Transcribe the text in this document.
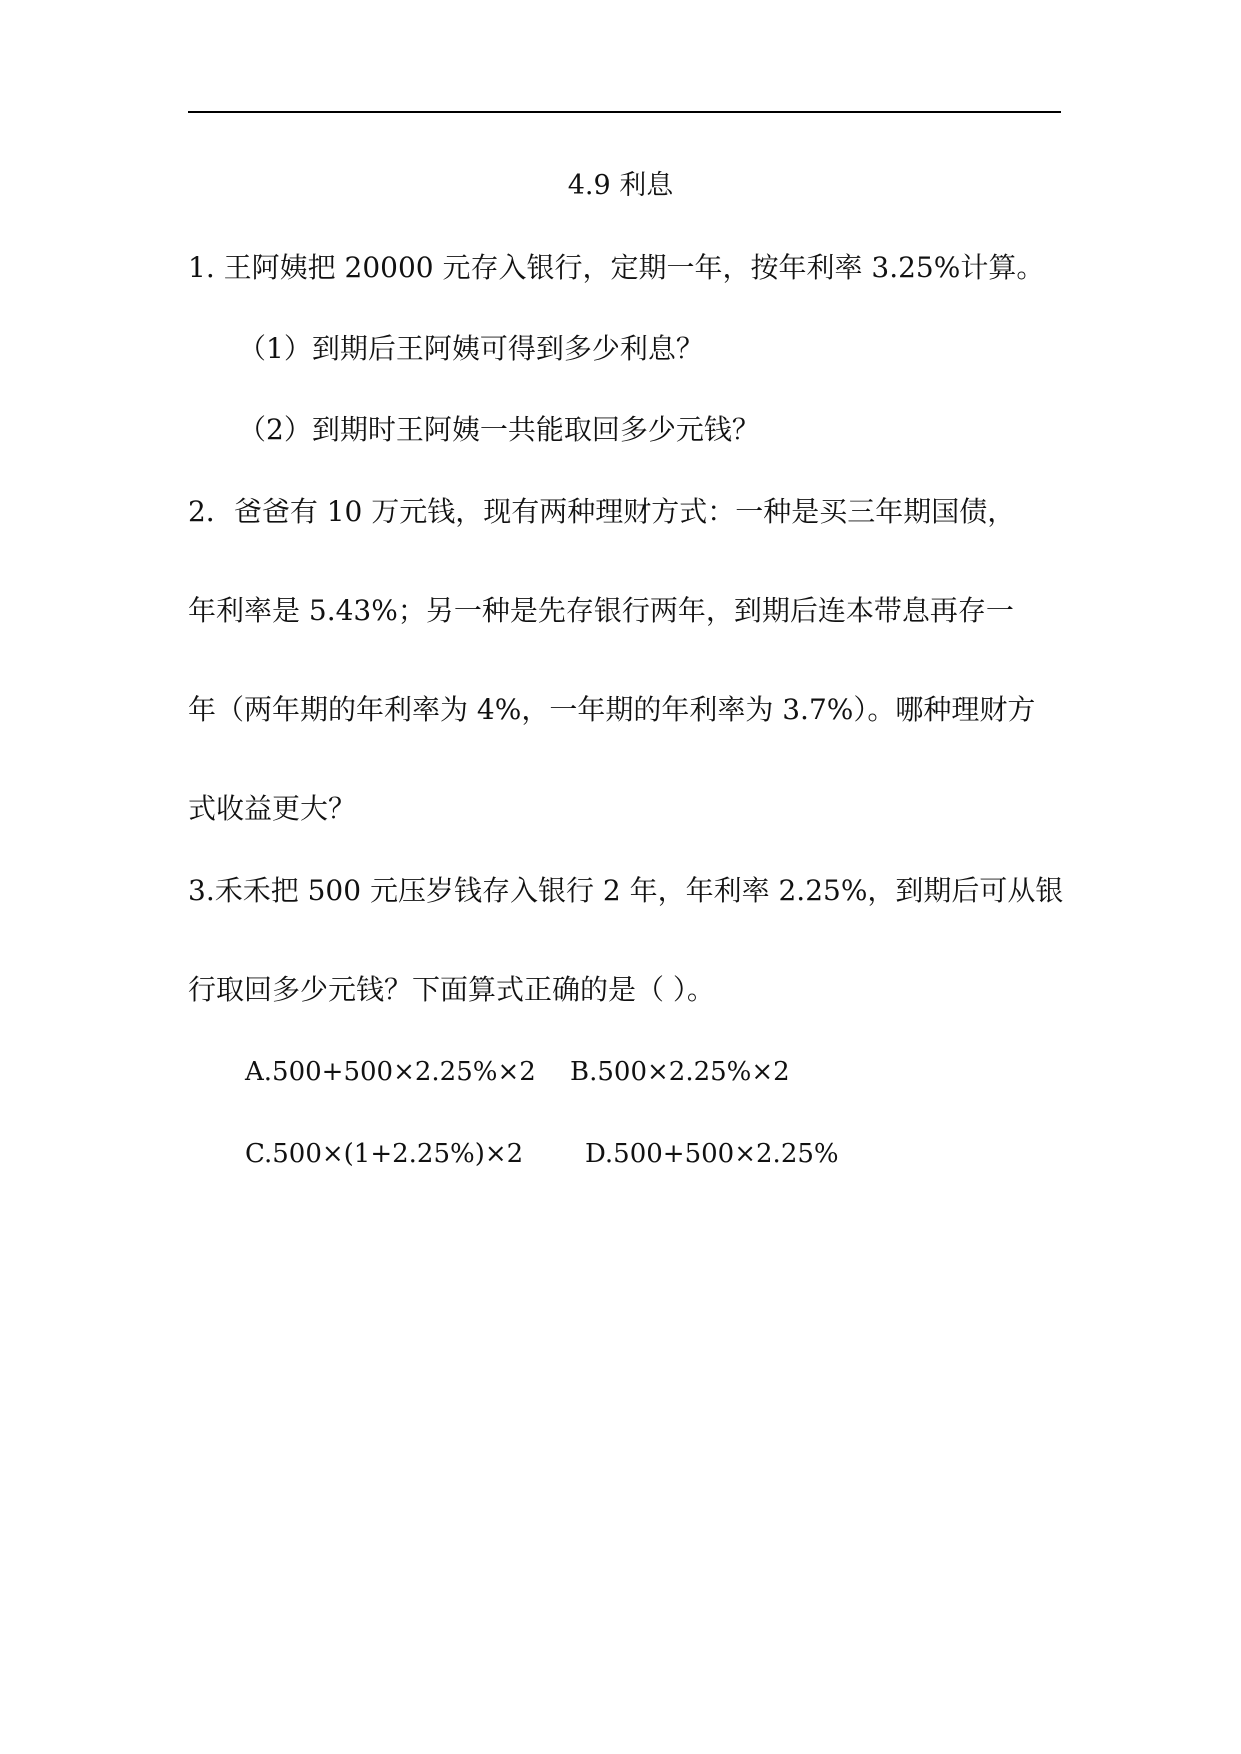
4.9 利息
1. 王阿姨把 20000 元存入银行，定期一年，按年利率 3.25%计算。
（1）到期后王阿姨可得到多少利息？
（2）到期时王阿姨一共能取回多少元钱？
2．爸爸有 10 万元钱，现有两种理财方式：一种是买三年期国债，
年利率是 5.43%；另一种是先存银行两年，到期后连本带息再存一
年（两年期的年利率为 4%，一年期的年利率为 3.7%）。哪种理财方
式收益更大？
3.禾禾把 500 元压岁钱存入银行 2 年，年利率 2.25%，到期后可从银
行取回多少元钱？下面算式正确的是（ ）。
A.500+500×2.25%×2 B.500×2.25%×2
C.500×(1+2.25%)×2 D.500+500×2.25%
